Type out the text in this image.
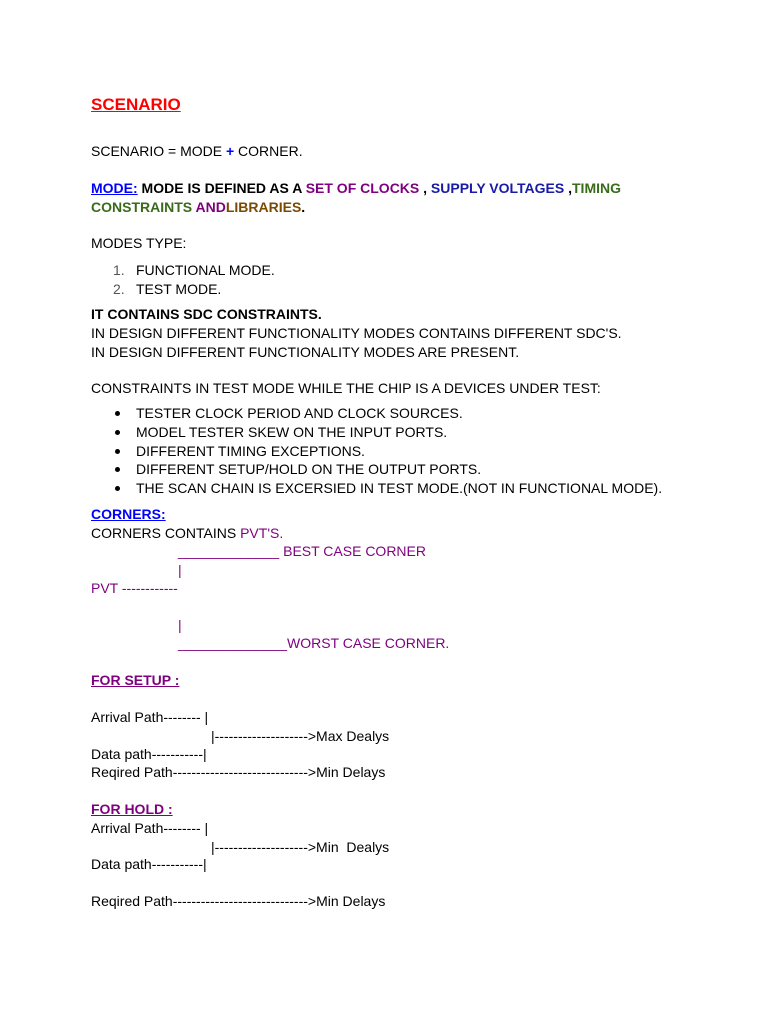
SCENARIO
SCENARIO = MODE + CORNER.
MODE: MODE IS DEFINED AS A SET OF CLOCKS , SUPPLY VOLTAGES ,TIMING
CONSTRAINTS ANDLIBRARIES.
MODES TYPE:
1. FUNCTIONAL MODE.
2. TEST MODE.
IT CONTAINS SDC CONSTRAINTS.
IN DESIGN DIFFERENT FUNCTIONALITY MODES CONTAINS DIFFERENT SDC'S.
IN DESIGN DIFFERENT FUNCTIONALITY MODES ARE PRESENT.
CONSTRAINTS IN TEST MODE WHILE THE CHIP IS A DEVICES UNDER TEST:
TESTER CLOCK PERIOD AND CLOCK SOURCES.
MODEL TESTER SKEW ON THE INPUT PORTS.
DIFFERENT TIMING EXCEPTIONS.
DIFFERENT SETUP/HOLD ON THE OUTPUT PORTS.
THE SCAN CHAIN IS EXCERSIED IN TEST MODE.(NOT IN FUNCTIONAL MODE).
CORNERS:
CORNERS CONTAINS PVT'S.
_____________ BEST CASE CORNER
|
PVT ------------
|
______________WORST CASE CORNER.
FOR SETUP :
Arrival Path-------- |
|-------------------->Max Dealys
Data path-----------|
Reqired Path----------------------------->Min Delays
FOR HOLD :
Arrival Path-------- |
|-------------------->Min  Dealys
Data path-----------|
Reqired Path----------------------------->Min Delays
